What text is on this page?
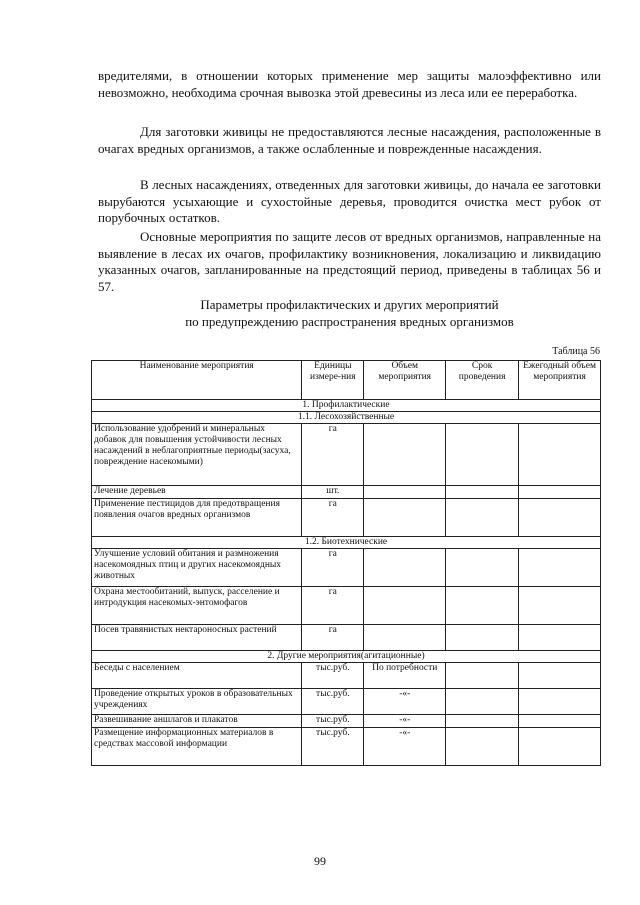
вредителями, в отношении которых применение мер защиты малоэффективно или невозможно, необходима срочная вывозка этой древесины из леса или ее переработка.

Для заготовки живицы не предоставляются лесные насаждения, расположенные в очагах вредных организмов, а также ослабленные и поврежденные насаждения.

В лесных насаждениях, отведенных для заготовки живицы, до начала ее заготовки вырубаются усыхающие и сухостойные деревья, проводится очистка мест рубок от порубочных остатков.

Основные мероприятия по защите лесов от вредных организмов, направленные на выявление в лесах их очагов, профилактику возникновения, локализацию и ликвидацию указанных очагов, запланированные на предстоящий период, приведены в таблицах 56 и 57.

Параметры профилактических и других мероприятий
по предупреждению распространения вредных организмов
Таблица 56
Наименование мероприятия	Единицы измере-ния	Объем мероприятия	Срок проведения	Ежегодный объем мероприятия
1. Профилактические				
1.1. Лесохозяйственные				
Использование удобрений и минеральных добавок для повышения устойчивости лесных насаждений в неблагоприятные периоды(засуха, повреждение насекомыми)	га			
Лечение деревьев	шт.			
Применение пестицидов для предотвращения появления очагов вредных организмов	га			
1.2. Биотехнические				
Улучшение условий обитания и размножения насекомоядных птиц и других насекомоядных животных	га			
Охрана местообитаний, выпуск, расселение и интродукция насекомых-энтомофагов	га			
Посев травянистых нектароносных растений	га			
2. Другие мероприятия(агитационные)				
Беседы с населением	тыс.руб.	По потребности		
Проведение открытых уроков в образовательных учреждениях	тыс.руб.	-«-		
Развешивание аншлагов и плакатов	тыс.руб.	-«-		
Размещение информационных материалов в средствах массовой информации	тыс.руб.	-«-		
99
